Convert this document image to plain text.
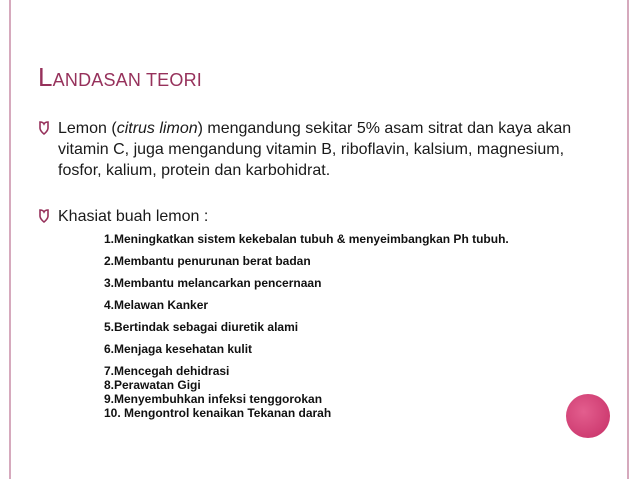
LANDASAN TEORI
Lemon (citrus limon) mengandung sekitar 5% asam sitrat dan kaya akan vitamin C, juga mengandung vitamin B, riboflavin, kalsium, magnesium, fosfor, kalium, protein dan karbohidrat.
Khasiat buah lemon :
1.Meningkatkan sistem kekebalan tubuh & menyeimbangkan Ph tubuh.
2.Membantu penurunan berat badan
3.Membantu melancarkan pencernaan
4.Melawan Kanker
5.Bertindak sebagai diuretik alami
6.Menjaga kesehatan kulit
7.Mencegah dehidrasi
8.Perawatan Gigi
9.Menyembuhkan infeksi tenggorokan
10. Mengontrol kenaikan Tekanan darah
